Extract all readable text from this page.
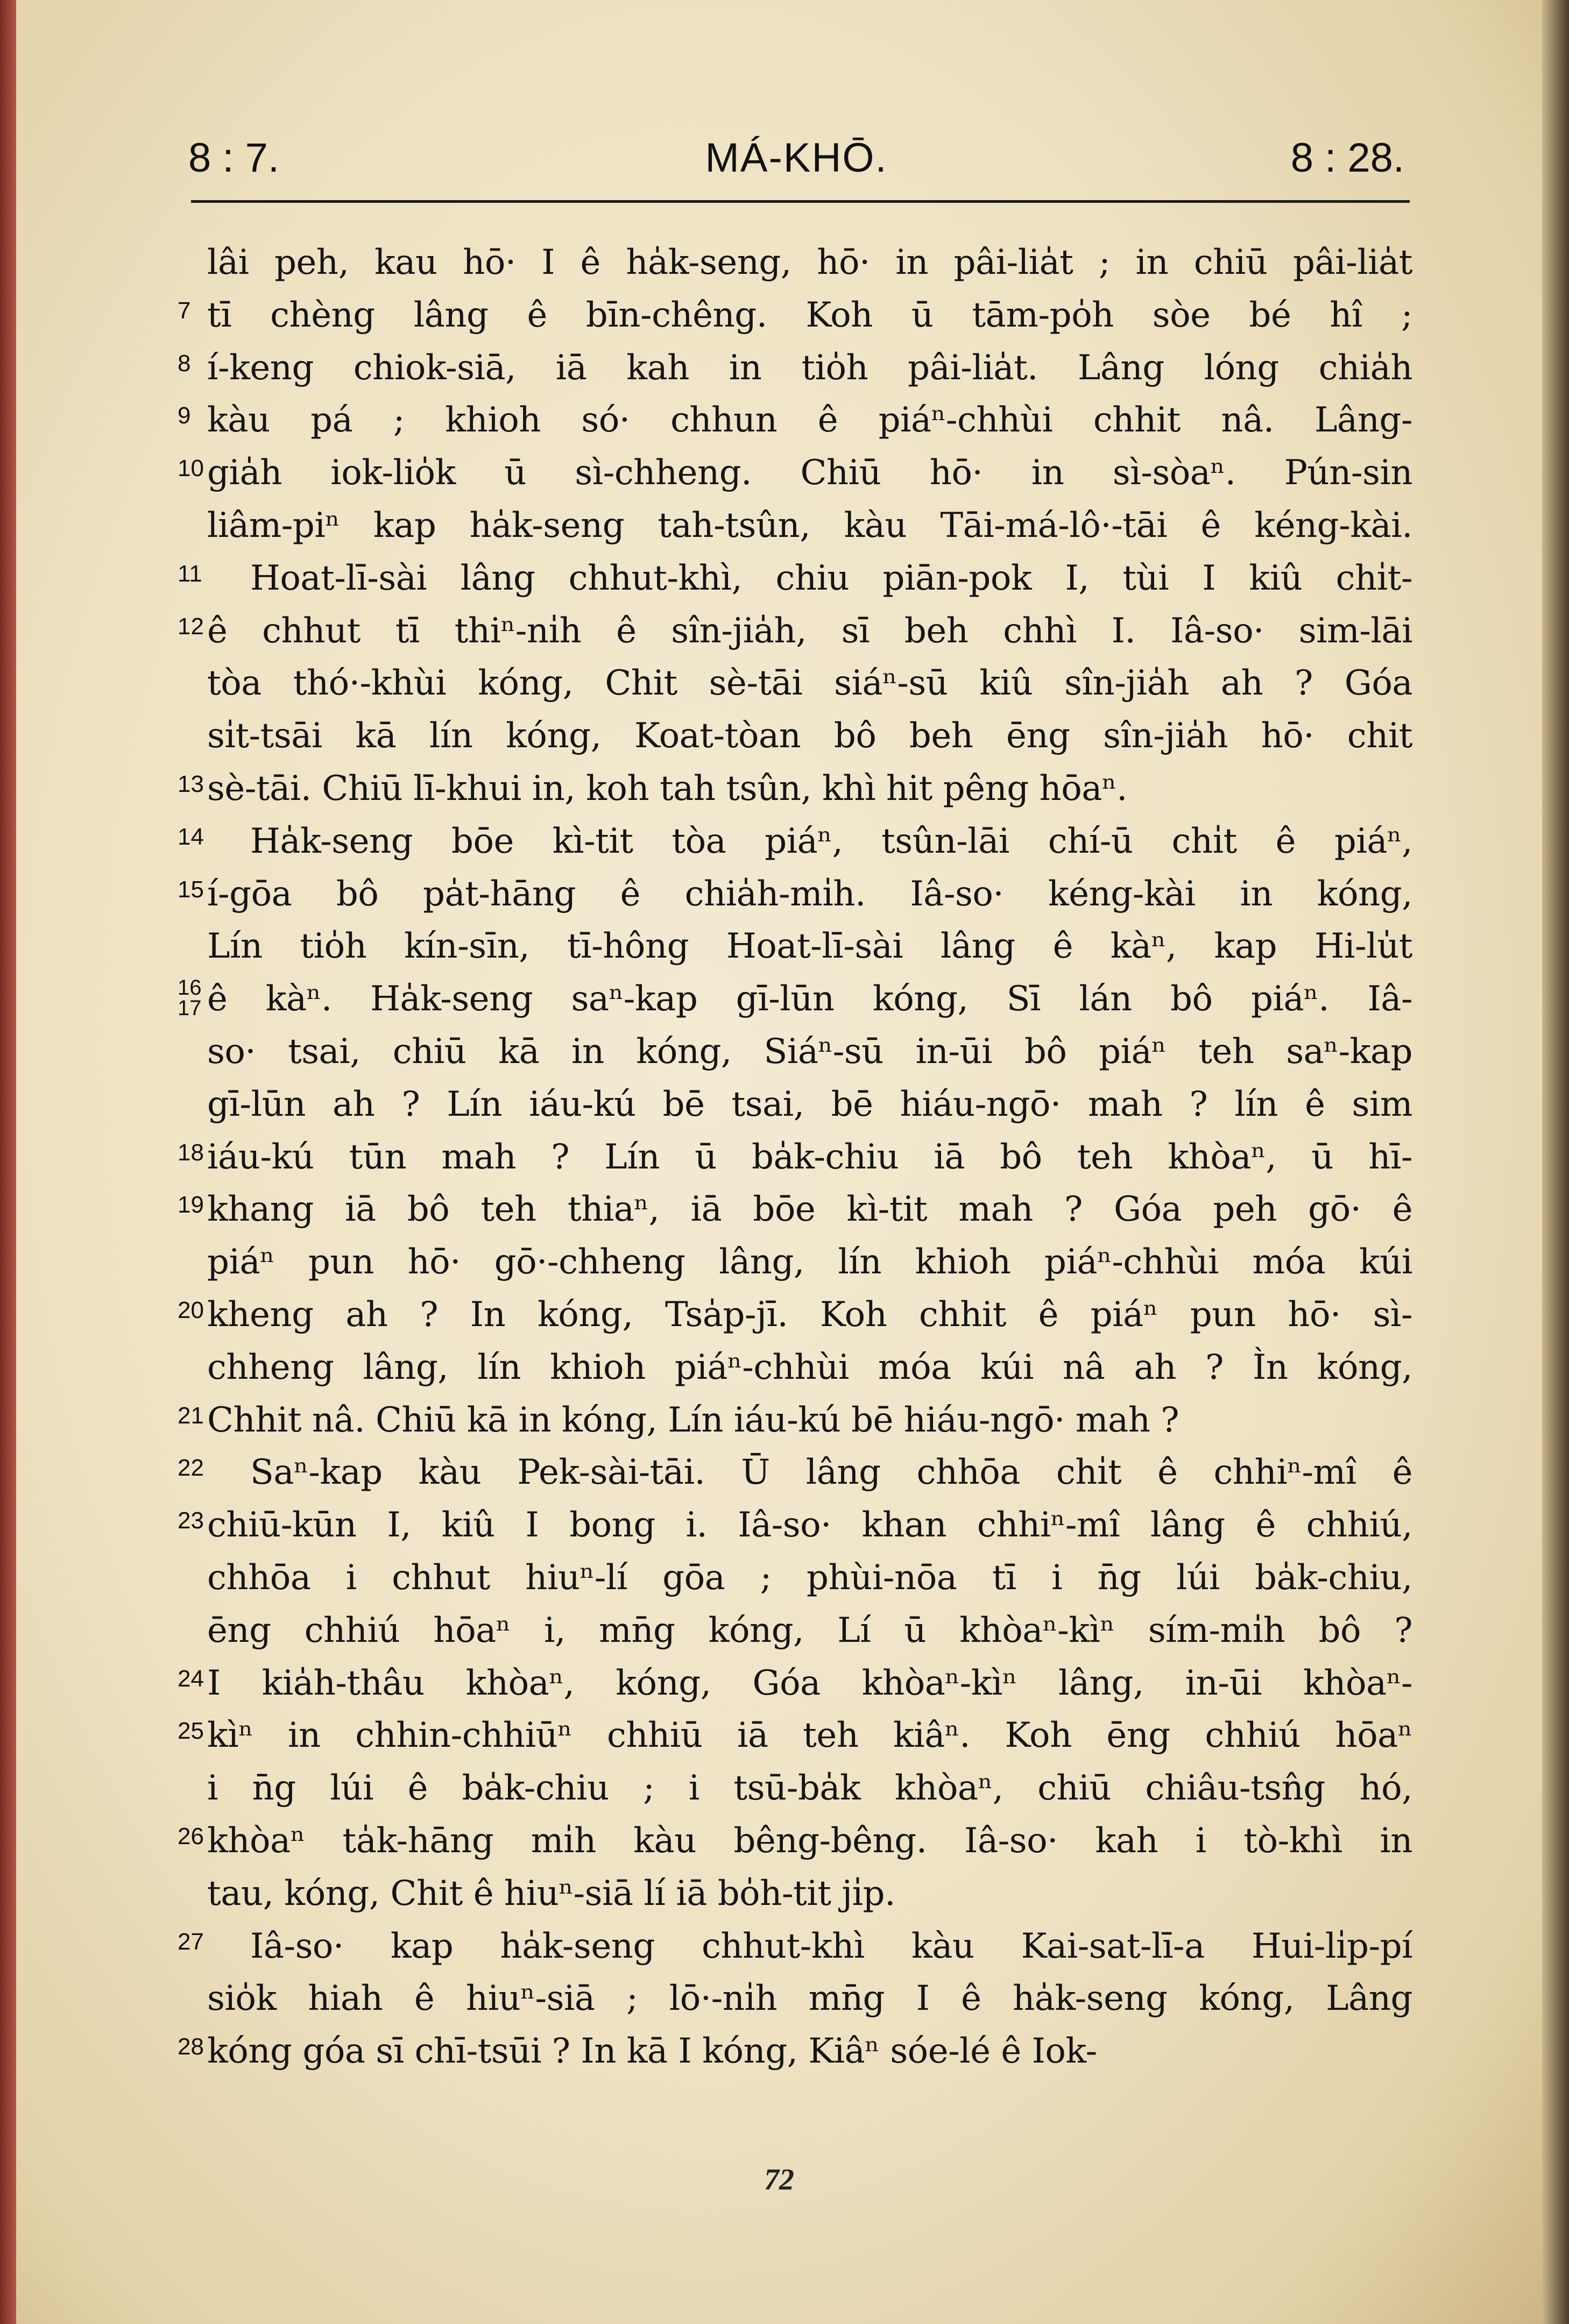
8 : 7.	MÁ-KHŌ.	8 : 28.
lâi peh, kau hō· I ê ha̍k-seng, hō· in pâi-lia̍t ; in chiū pâi-lia̍t
7 tī chèng lâng ê bīn-chêng. Koh ū tām-po̍h sòe bé hî ;
8 í-keng chiok-siā, iā kah in tio̍h pâi-lia̍t. Lâng lóng chia̍h
9 kàu pá ; khioh só· chhun ê piáⁿ-chhùi chhit nâ. Lâng-
10 gia̍h iok-lio̍k ū sì-chheng. Chiū hō· in sì-sòaⁿ. Pún-sin
liâm-piⁿ kap ha̍k-seng tah-tsûn, kàu Tāi-má-lô·-tāi ê kéng-kài.
11	Hoat-lī-sài lâng chhut-khì, chiu piān-pok I, tùi I kiû chi̍t-
12 ê chhut tī thiⁿ-ni̍h ê sîn-jia̍h, sī beh chhì I. Iâ-so· sim-lāi
tòa thó·-khùi kóng, Chit sè-tāi siáⁿ-sū kiû sîn-jia̍h ah ? Góa
si̍t-tsāi kā lín kóng, Koat-tòan bô beh ēng sîn-jia̍h hō· chit
13 sè-tāi. Chiū lī-khui in, koh tah tsûn, khì hit pêng hōaⁿ.
14	Ha̍k-seng bōe kì-tit tòa piáⁿ, tsûn-lāi chí-ū chi̍t ê piáⁿ,
15 í-gōa bô pa̍t-hāng ê chia̍h-mi̍h. Iâ-so· kéng-kài in kóng,
Lín tio̍h kín-sīn, tī-hông Hoat-lī-sài lâng ê kàⁿ, kap Hi-lu̍t
16
17 ê kàⁿ. Ha̍k-seng saⁿ-kap gī-lūn kóng, Sī lán bô piáⁿ. Iâ-
so· tsai, chiū kā in kóng, Siáⁿ-sū in-ūi bô piáⁿ teh saⁿ-kap
gī-lūn ah ? Lín iáu-kú bē tsai, bē hiáu-ngō· mah ? lín ê sim
18 iáu-kú tūn mah ? Lín ū ba̍k-chiu iā bô teh khòaⁿ, ū hī-
19 khang iā bô teh thiaⁿ, iā bōe kì-tit mah ? Góa peh gō· ê
piáⁿ pun hō· gō·-chheng lâng, lín khioh piáⁿ-chhùi móa kúi
20 kheng ah ? In kóng, Tsa̍p-jī. Koh chhit ê piáⁿ pun hō· sì-
chheng lâng, lín khioh piáⁿ-chhùi móa kúi nâ ah ? Ìn kóng,
21 Chhit nâ. Chiū kā in kóng, Lín iáu-kú bē hiáu-ngō· mah ?
22	Saⁿ-kap kàu Pek-sài-tāi. Ū lâng chhōa chi̍t ê chhiⁿ-mî ê
23 chiū-kūn I, kiû I bong i. Iâ-so· khan chhiⁿ-mî lâng ê chhiú,
chhōa i chhut hiuⁿ-lí gōa ; phùi-nōa tī i n̄g lúi ba̍k-chiu,
ēng chhiú hōaⁿ i, mn̄g kóng, Lí ū khòaⁿ-kìⁿ sím-mi̍h bô ?
24 I kia̍h-thâu khòaⁿ, kóng, Góa khòaⁿ-kìⁿ lâng, in-ūi khòaⁿ-
25 kìⁿ in chhin-chhiūⁿ chhiū iā teh kiâⁿ. Koh ēng chhiú hōaⁿ
i n̄g lúi ê ba̍k-chiu ; i tsū-ba̍k khòaⁿ, chiū chiâu-tsn̂g hó,
26 khòaⁿ ta̍k-hāng mi̍h kàu bêng-bêng. Iâ-so· kah i tò-khì in
tau, kóng, Chit ê hiuⁿ-siā lí iā bo̍h-tit ji̍p.
27	Iâ-so· kap ha̍k-seng chhut-khì kàu Kai-sat-lī-a Hui-li̍p-pí
sio̍k hiah ê hiuⁿ-siā ; lō·-ni̍h mn̄g I ê ha̍k-seng kóng, Lâng
28 kóng góa sī chī-tsūi ? In kā I kóng, Kiâⁿ sóe-lé ê Iok-
72
